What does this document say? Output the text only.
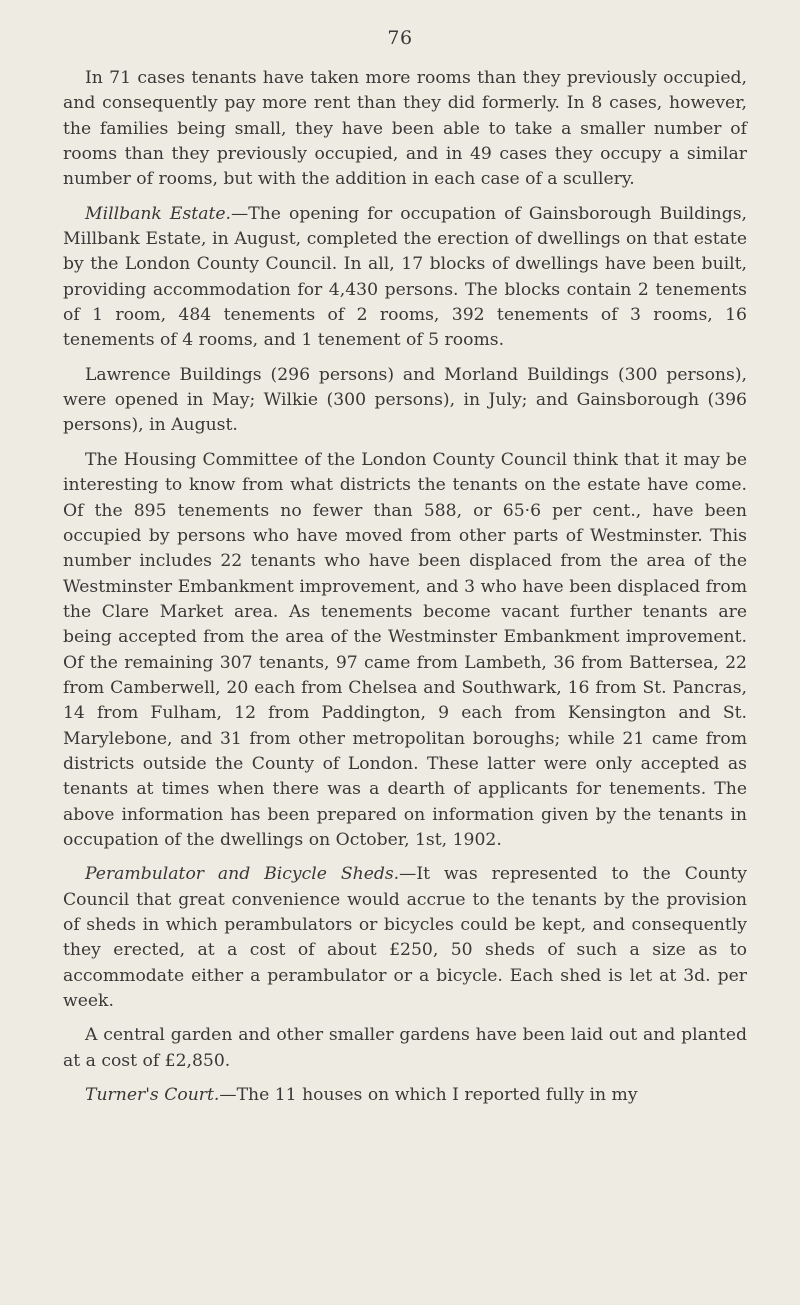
76

In 71 cases tenants have taken more rooms than they previously occupied, and consequently pay more rent than they did formerly. In 8 cases, however, the families being small, they have been able to take a smaller number of rooms than they previously occupied, and in 49 cases they occupy a similar number of rooms, but with the addition in each case of a scullery.

Millbank Estate.—The opening for occupation of Gainsborough Buildings, Millbank Estate, in August, completed the erection of dwellings on that estate by the London County Council. In all, 17 blocks of dwellings have been built, providing accommodation for 4,430 persons. The blocks contain 2 tenements of 1 room, 484 tenements of 2 rooms, 392 tenements of 3 rooms, 16 tenements of 4 rooms, and 1 tenement of 5 rooms.

Lawrence Buildings (296 persons) and Morland Buildings (300 persons), were opened in May; Wilkie (300 persons), in July; and Gainsborough (396 persons), in August.

The Housing Committee of the London County Council think that it may be interesting to know from what districts the tenants on the estate have come. Of the 895 tenements no fewer than 588, or 65·6 per cent., have been occupied by persons who have moved from other parts of Westminster. This number includes 22 tenants who have been displaced from the area of the Westminster Embankment improvement, and 3 who have been displaced from the Clare Market area. As tenements become vacant further tenants are being accepted from the area of the Westminster Embankment improvement. Of the remaining 307 tenants, 97 came from Lambeth, 36 from Battersea, 22 from Camberwell, 20 each from Chelsea and Southwark, 16 from St. Pancras, 14 from Fulham, 12 from Paddington, 9 each from Kensington and St. Marylebone, and 31 from other metropolitan boroughs; while 21 came from districts outside the County of London. These latter were only accepted as tenants at times when there was a dearth of applicants for tenements. The above information has been prepared on information given by the tenants in occupation of the dwellings on October, 1st, 1902.

Perambulator and Bicycle Sheds.—It was represented to the County Council that great convenience would accrue to the tenants by the provision of sheds in which perambulators or bicycles could be kept, and consequently they erected, at a cost of about £250, 50 sheds of such a size as to accommodate either a perambulator or a bicycle. Each shed is let at 3d. per week.

A central garden and other smaller gardens have been laid out and planted at a cost of £2,850.

Turner's Court.—The 11 houses on which I reported fully in my
